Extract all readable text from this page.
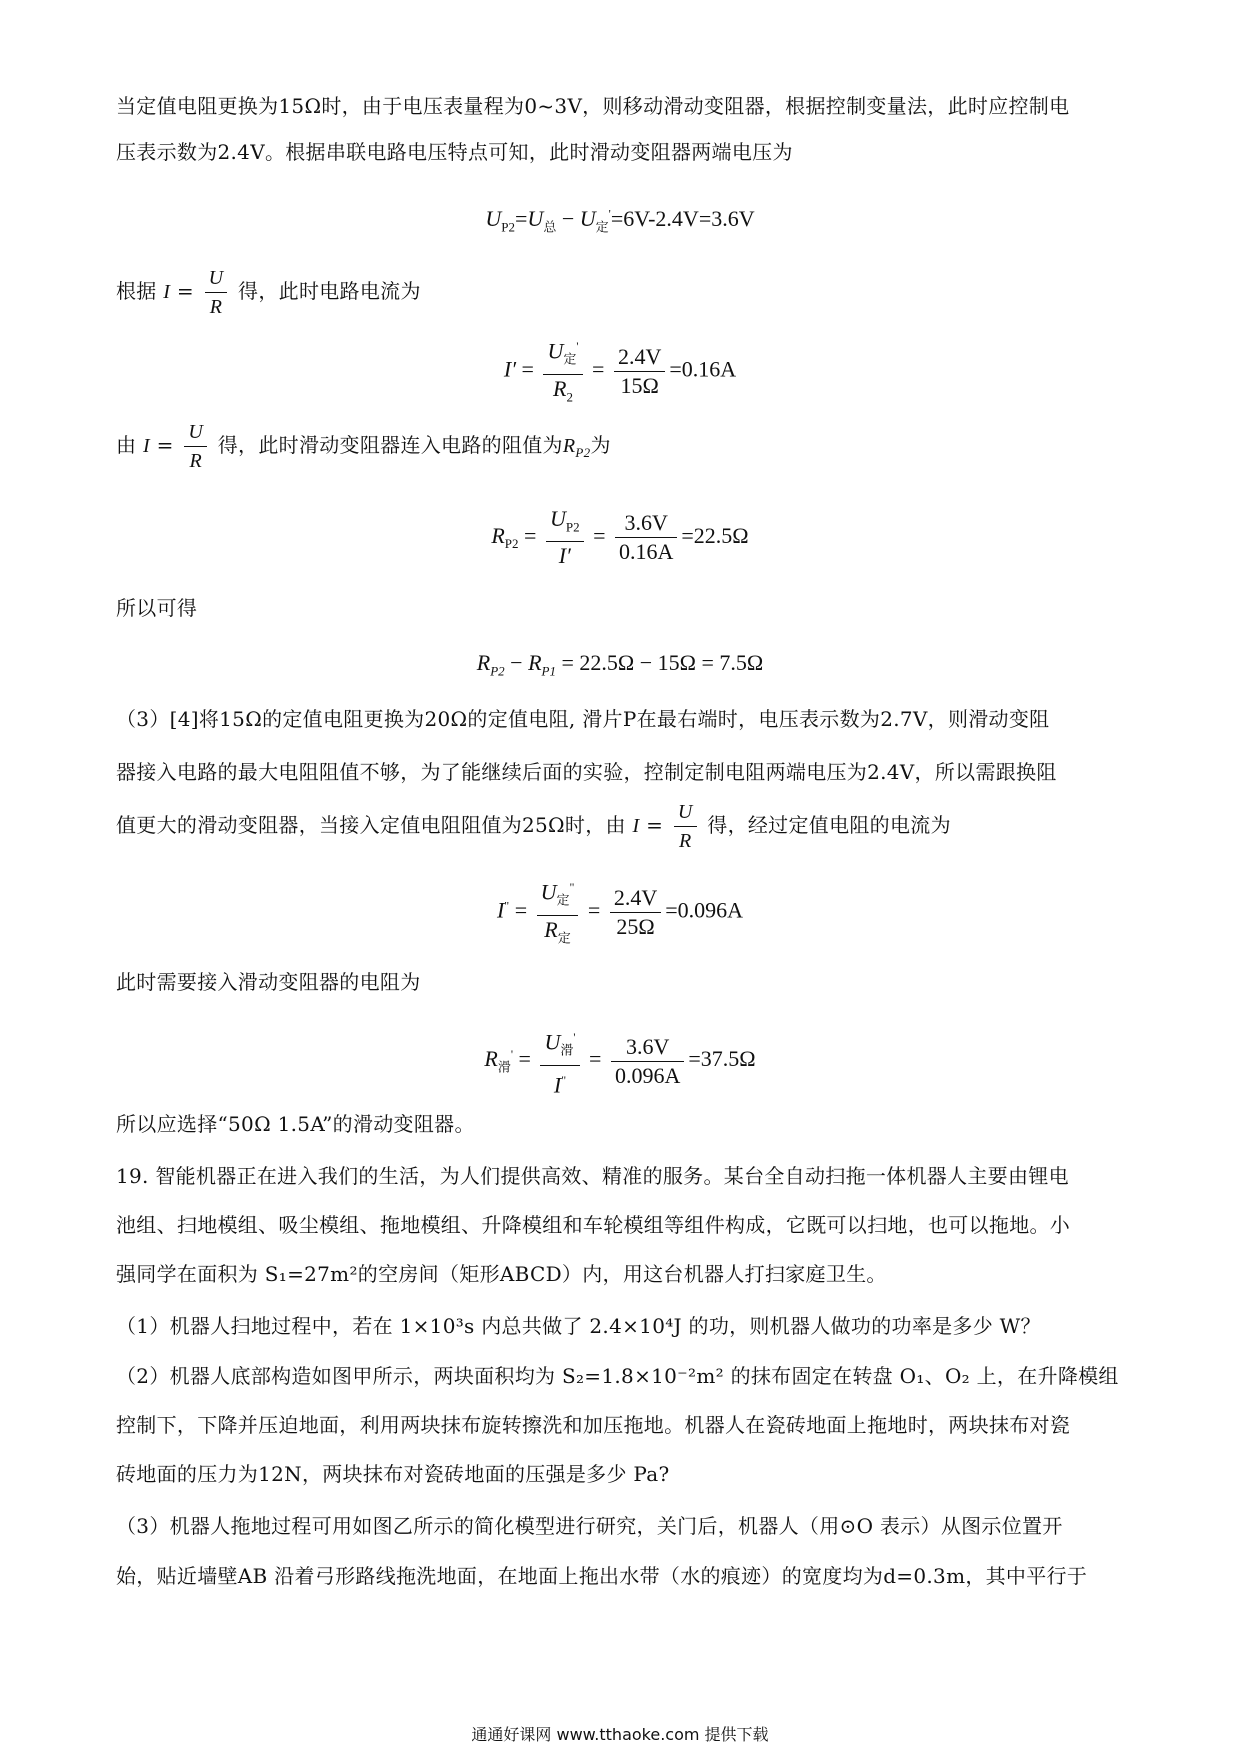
当定值电阻更换为15Ω时，由于电压表量程为0~3V，则移动滑动变阻器，根据控制变量法，此时应控制电
压表示数为2.4V。根据串联电路电压特点可知，此时滑动变阻器两端电压为
$U_{P2}=U_总 - U_定'=6V-2.4V=3.6V$
根据 $I = \frac{U}{R}$ 得，此时电路电流为
$I' = \frac{U_定'}{R_2} = \frac{2.4V}{15\Omega} =0.16A$
由 $I = \frac{U}{R}$ 得，此时滑动变阻器连入电路的阻值为$R_{P2}$为
$R_{P2} = \frac{U_{P2}}{I'} = \frac{3.6V}{0.16A} =22.5\Omega$
所以可得
$R_{P2} - R_{P1} = 22.5\Omega - 15\Omega = 7.5\Omega$
（3）[4]将15Ω的定值电阻更换为20Ω的定值电阻, 滑片P在最右端时，电压表示数为2.7V，则滑动变阻
器接入电路的最大电阻阻值不够，为了能继续后面的实验，控制定制电阻两端电压为2.4V，所以需跟换阻
值更大的滑动变阻器，当接入定值电阻阻值为25Ω时，由 $I = \frac{U}{R}$ 得，经过定值电阻的电流为
$I^" = \frac{U_定^"}{R_定} = \frac{2.4V}{25\Omega} =0.096A$
此时需要接入滑动变阻器的电阻为
$R_滑' = \frac{U_滑'}{I^"} = \frac{3.6V}{0.096A} =37.5\Omega$
所以应选择“50Ω 1.5A”的滑动变阻器。
19. 智能机器正在进入我们的生活，为人们提供高效、精准的服务。某台全自动扫拖一体机器人主要由锂电
池组、扫地模组、吸尘模组、拖地模组、升降模组和车轮模组等组件构成，它既可以扫地，也可以拖地。小
强同学在面积为 S₁=27m²的空房间（矩形ABCD）内，用这台机器人打扫家庭卫生。
（1）机器人扫地过程中，若在 1×10³s 内总共做了 2.4×10⁴J 的功，则机器人做功的功率是多少 W？
（2）机器人底部构造如图甲所示，两块面积均为 S₂=1.8×10⁻²m² 的抹布固定在转盘 O₁、O₂ 上，在升降模组
控制下，下降并压迫地面，利用两块抹布旋转擦洗和加压拖地。机器人在瓷砖地面上拖地时，两块抹布对瓷
砖地面的压力为12N，两块抹布对瓷砖地面的压强是多少 Pa?
（3）机器人拖地过程可用如图乙所示的简化模型进行研究，关门后，机器人（用⊙O 表示）从图示位置开
始，贴近墙壁AB 沿着弓形路线拖洗地面，在地面上拖出水带（水的痕迹）的宽度均为d=0.3m，其中平行于
通通好课网 www.tthaoke.com 提供下载
